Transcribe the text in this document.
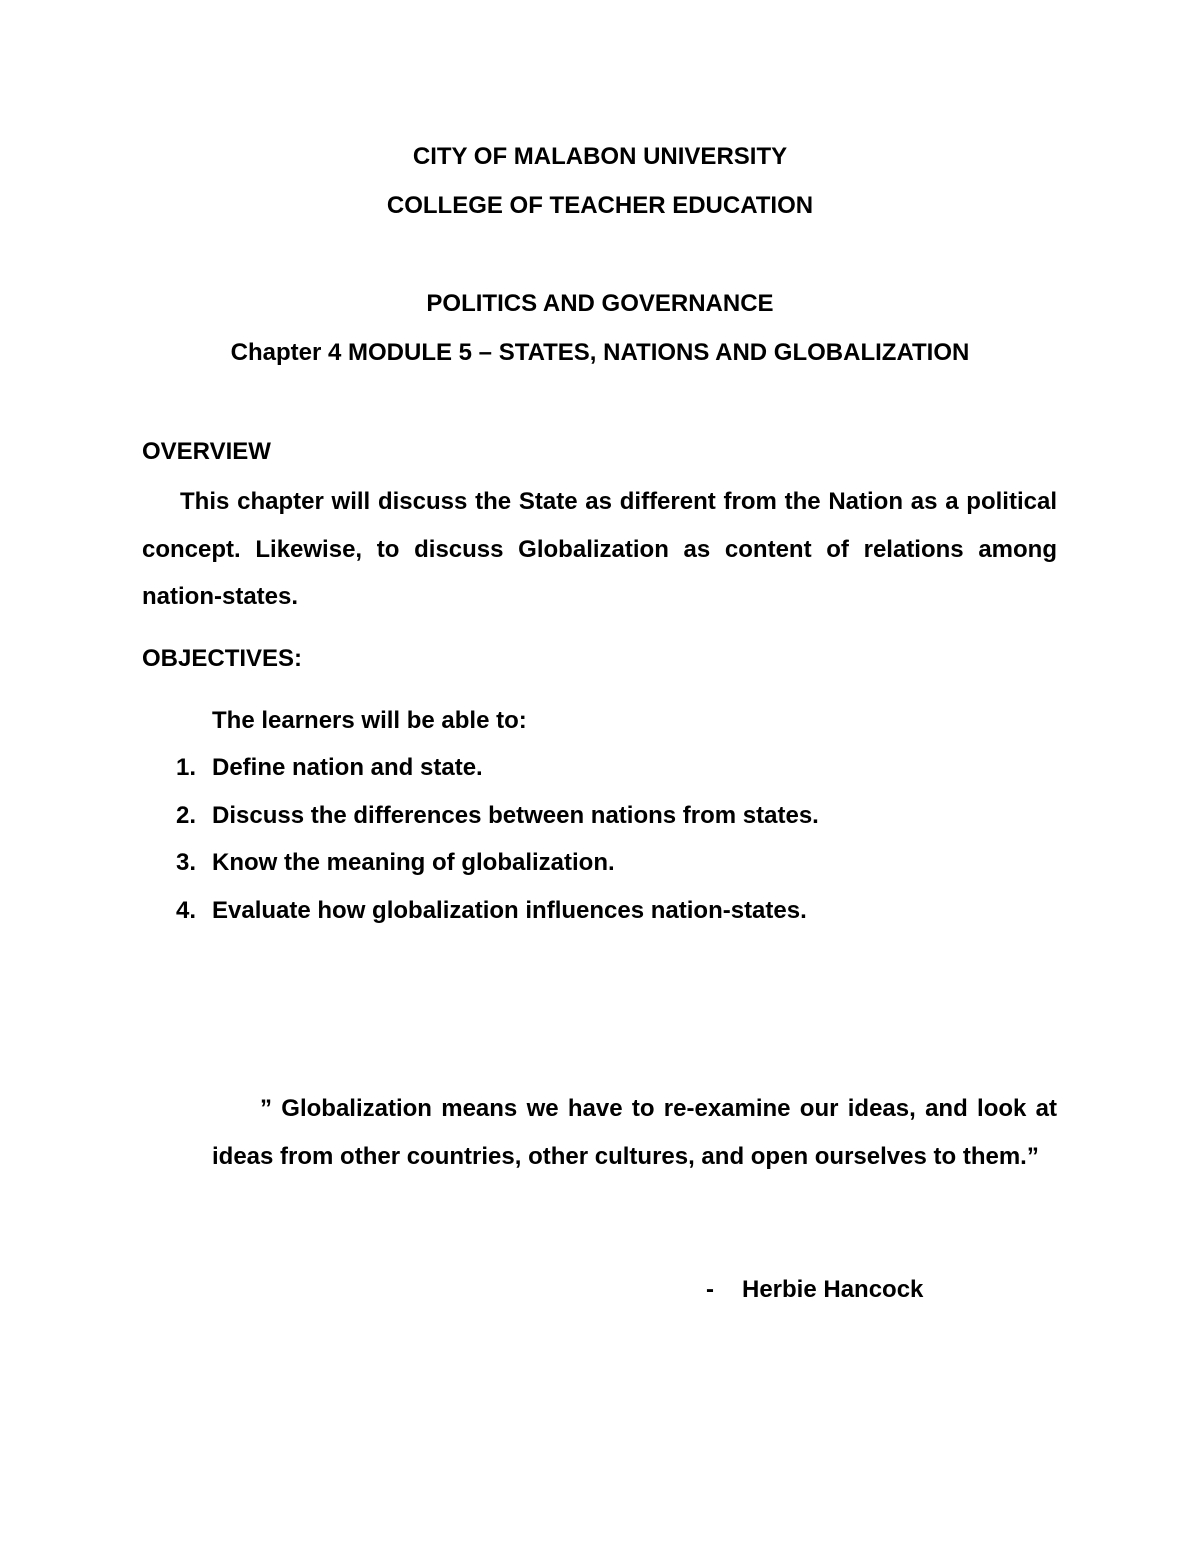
CITY OF MALABON UNIVERSITY
COLLEGE OF TEACHER EDUCATION
POLITICS AND GOVERNANCE
Chapter 4 MODULE 5 – STATES, NATIONS AND GLOBALIZATION
OVERVIEW
This chapter will discuss the State as different from the Nation as a political concept. Likewise, to discuss Globalization as content of relations among nation-states.
OBJECTIVES:
The learners will be able to:
1. Define nation and state.
2. Discuss the differences between nations from states.
3. Know the meaning of globalization.
4. Evaluate how globalization influences nation-states.
” Globalization means we have to re-examine our ideas, and look at ideas from other countries, other cultures, and open ourselves to them.”
- Herbie Hancock
